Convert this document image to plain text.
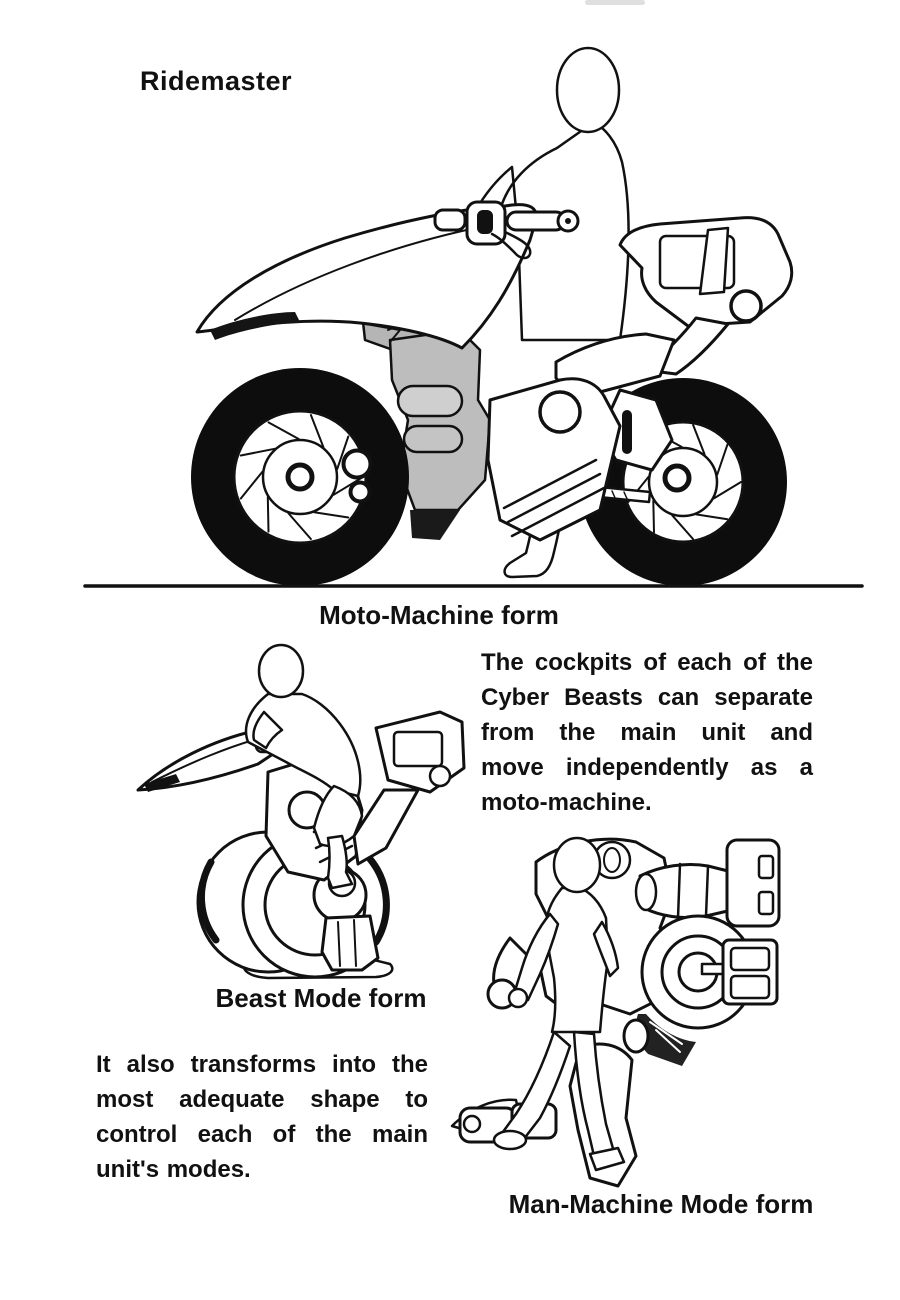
Ridemaster
Moto-Machine form
The cockpits of each of the Cyber Beasts can separate from the main unit and move independently as a moto-machine.
Beast Mode form
It also transforms into the most adequate shape to control each of the main unit's modes.
Man-Machine Mode form
